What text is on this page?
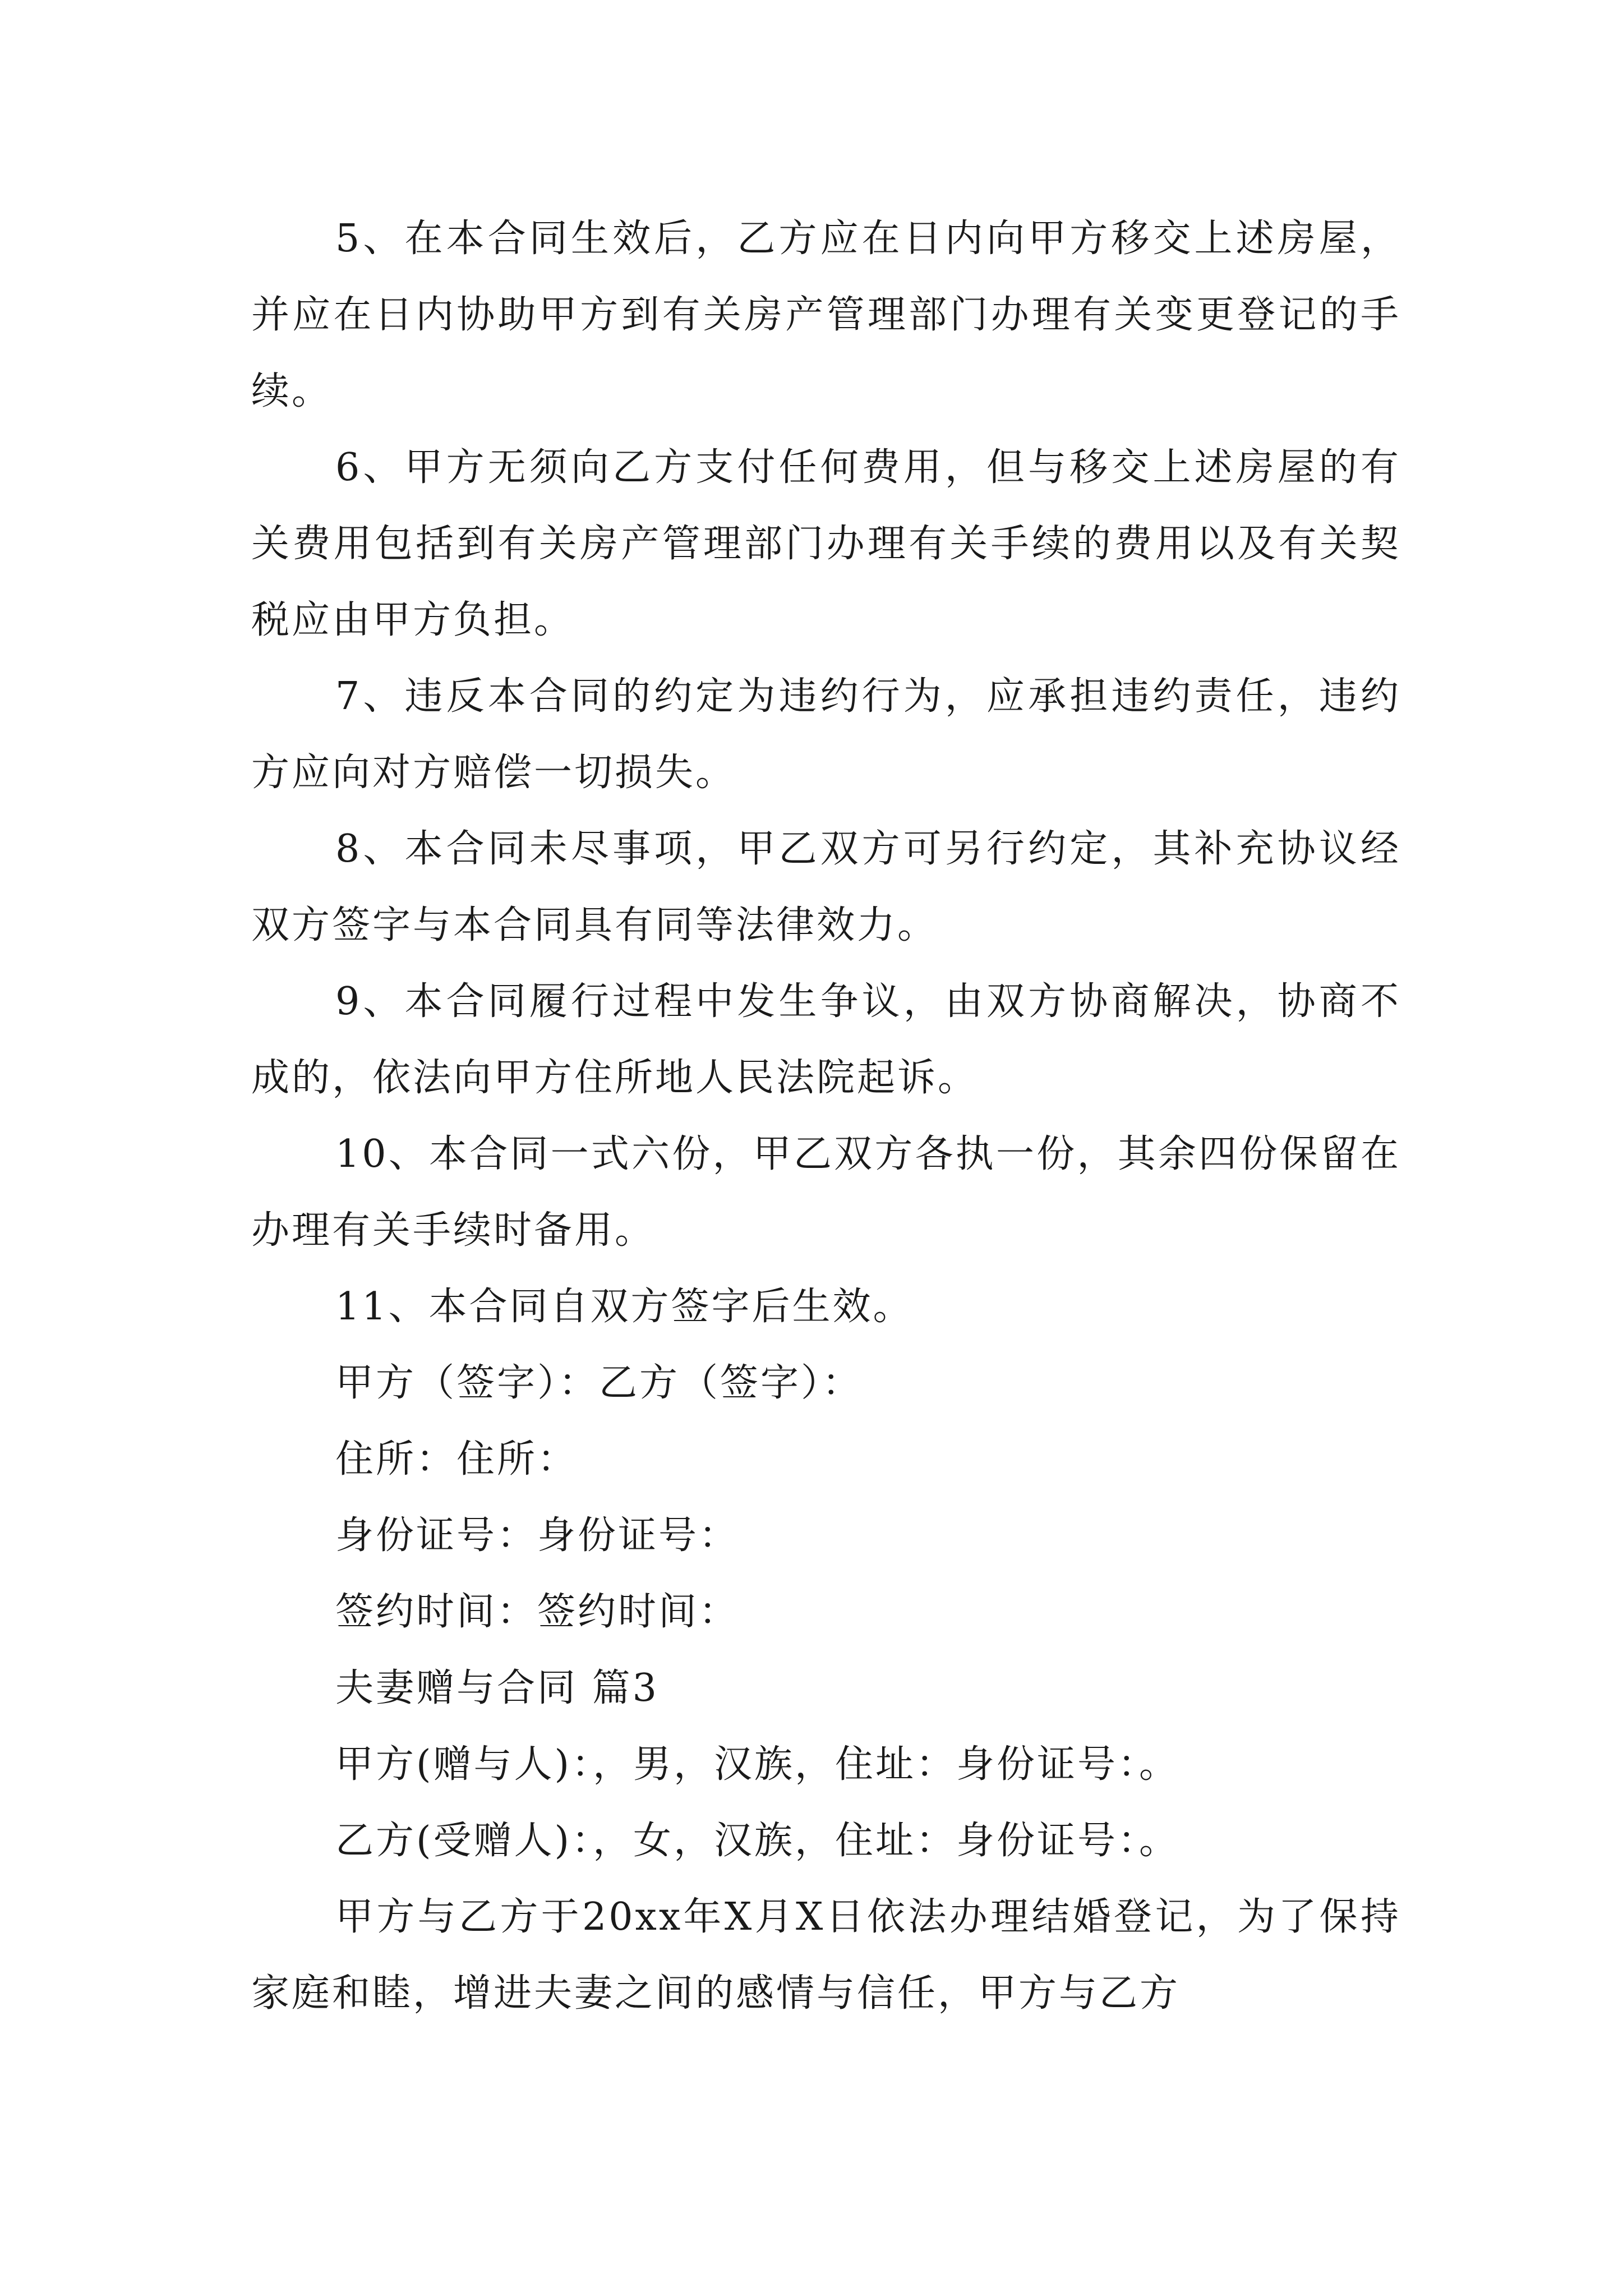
5、在本合同生效后，乙方应在日内向甲方移交上述房屋，并应在日内协助甲方到有关房产管理部门办理有关变更登记的手续。

6、甲方无须向乙方支付任何费用，但与移交上述房屋的有关费用包括到有关房产管理部门办理有关手续的费用以及有关契税应由甲方负担。

7、违反本合同的约定为违约行为，应承担违约责任，违约方应向对方赔偿一切损失。

8、本合同未尽事项，甲乙双方可另行约定，其补充协议经双方签字与本合同具有同等法律效力。

9、本合同履行过程中发生争议，由双方协商解决，协商不成的，依法向甲方住所地人民法院起诉。

10、本合同一式六份，甲乙双方各执一份，其余四份保留在办理有关手续时备用。

11、本合同自双方签字后生效。

甲方（签字）：乙方（签字）：

住所：住所：

身份证号：身份证号：

签约时间：签约时间：

夫妻赠与合同 篇3

甲方(赠与人)：，男，汉族，住址：身份证号：。

乙方(受赠人)：，女，汉族，住址：身份证号：。

甲方与乙方于20xx年X月X日依法办理结婚登记，为了保持家庭和睦，增进夫妻之间的感情与信任，甲方与乙方
